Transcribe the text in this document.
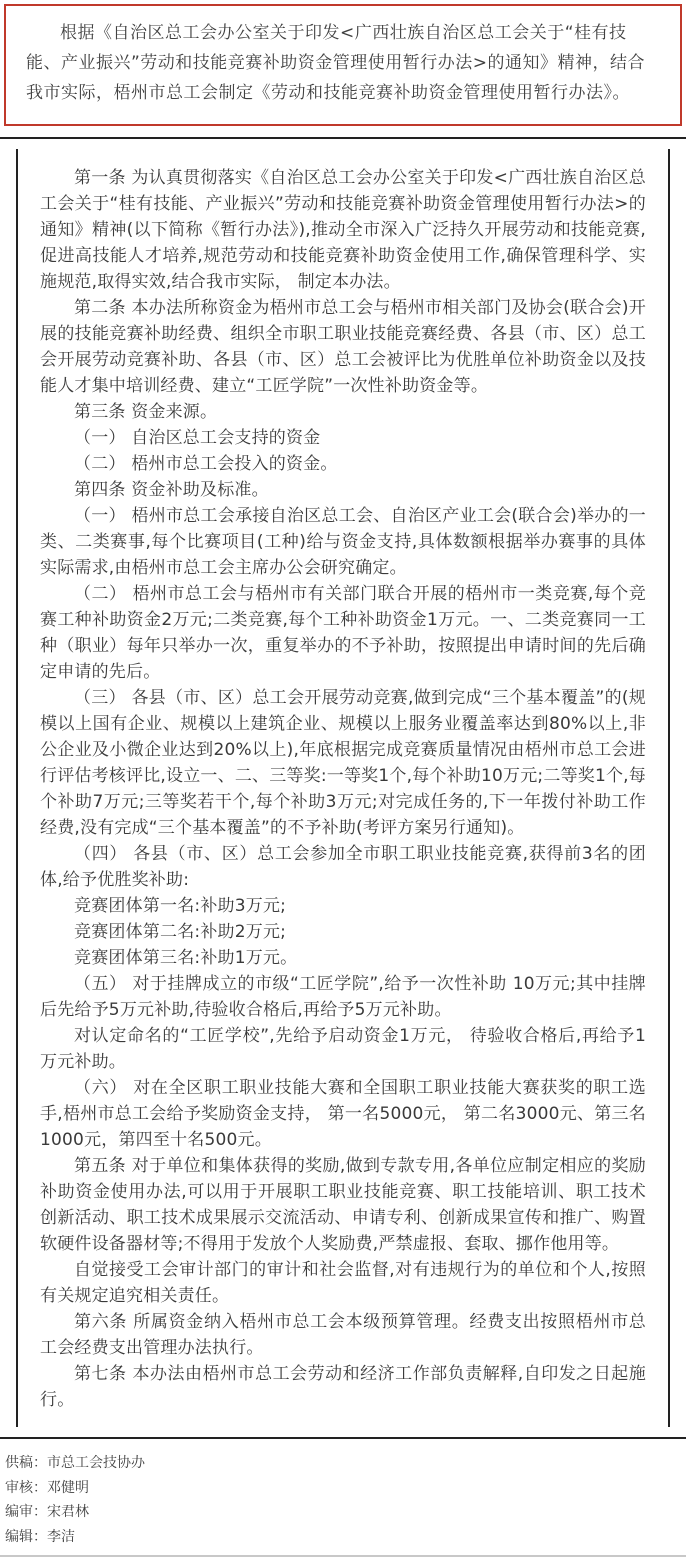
根据《自治区总工会办公室关于印发<广西壮族自治区总工会关于“桂有技能、产业振兴”劳动和技能竞赛补助资金管理使用暂行办法>的通知》精神，结合我市实际，梧州市总工会制定《劳动和技能竞赛补助资金管理使用暂行办法》。

第一条 为认真贯彻落实《自治区总工会办公室关于印发<广西壮族自治区总工会关于“桂有技能、产业振兴”劳动和技能竞赛补助资金管理使用暂行办法>的通知》精神(以下简称《暂行办法》),推动全市深入广泛持久开展劳动和技能竞赛,促进高技能人才培养,规范劳动和技能竞赛补助资金使用工作,确保管理科学、实施规范,取得实效,结合我市实际， 制定本办法。

第二条 本办法所称资金为梧州市总工会与梧州市相关部门及协会(联合会)开展的技能竞赛补助经费、组织全市职工职业技能竞赛经费、各县（市、区）总工会开展劳动竞赛补助、各县（市、区）总工会被评比为优胜单位补助资金以及技能人才集中培训经费、建立“工匠学院”一次性补助资金等。

第三条 资金来源。

（一） 自治区总工会支持的资金

（二） 梧州市总工会投入的资金。

第四条 资金补助及标准。

（一） 梧州市总工会承接自治区总工会、自治区产业工会(联合会)举办的一类、二类赛事,每个比赛项目(工种)给与资金支持,具体数额根据举办赛事的具体实际需求,由梧州市总工会主席办公会研究确定。

（二） 梧州市总工会与梧州市有关部门联合开展的梧州市一类竞赛,每个竞赛工种补助资金2万元;二类竞赛,每个工种补助资金1万元。一、二类竞赛同一工种（职业）每年只举办一次，重复举办的不予补助，按照提出申请时间的先后确定申请的先后。

（三） 各县（市、区）总工会开展劳动竞赛,做到完成“三个基本覆盖”的(规模以上国有企业、规模以上建筑企业、规模以上服务业覆盖率达到80%以上,非公企业及小微企业达到20%以上),年底根据完成竞赛质量情况由梧州市总工会进行评估考核评比,设立一、二、三等奖:一等奖1个,每个补助10万元;二等奖1个,每个补助7万元;三等奖若干个,每个补助3万元;对完成任务的,下一年拨付补助工作经费,没有完成“三个基本覆盖”的不予补助(考评方案另行通知)。

（四） 各县（市、区）总工会参加全市职工职业技能竞赛,获得前3名的团体,给予优胜奖补助:

竞赛团体第一名:补助3万元;

竞赛团体第二名:补助2万元;

竞赛团体第三名:补助1万元。

（五） 对于挂牌成立的市级“工匠学院”,给予一次性补助 10万元;其中挂牌后先给予5万元补助,待验收合格后,再给予5万元补助。

对认定命名的“工匠学校”,先给予启动资金1万元， 待验收合格后,再给予1万元补助。

（六） 对在全区职工职业技能大赛和全国职工职业技能大赛获奖的职工选手,梧州市总工会给予奖励资金支持， 第一名5000元， 第二名3000元、第三名1000元，第四至十名500元。

第五条 对于单位和集体获得的奖励,做到专款专用,各单位应制定相应的奖励补助资金使用办法,可以用于开展职工职业技能竞赛、职工技能培训、职工技术创新活动、职工技术成果展示交流活动、申请专利、创新成果宣传和推广、购置软硬件设备器材等;不得用于发放个人奖励费,严禁虚报、套取、挪作他用等。

自觉接受工会审计部门的审计和社会监督,对有违规行为的单位和个人,按照有关规定追究相关责任。

第六条 所属资金纳入梧州市总工会本级预算管理。经费支出按照梧州市总工会经费支出管理办法执行。

第七条 本办法由梧州市总工会劳动和经济工作部负责解释,自印发之日起施行。

供稿：市总工会技协办
审核：邓健明
编审：宋君林
编辑：李洁
